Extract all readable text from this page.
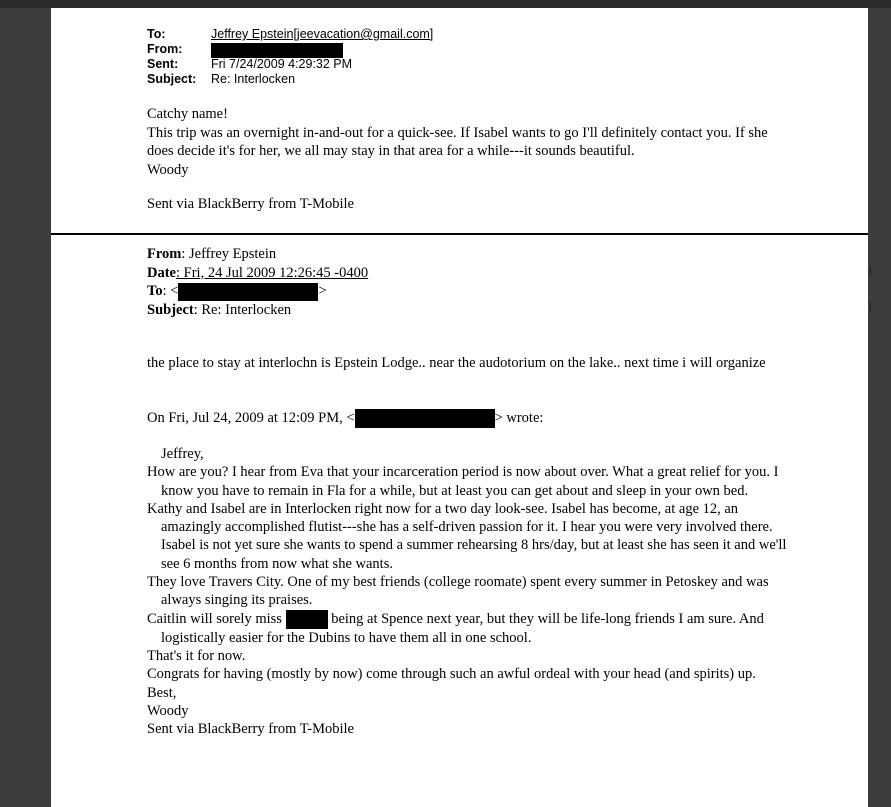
To:	Jeffrey Epstein[jeevacation@gmail.com]
From:
Sent:	Fri 7/24/2009 4:29:32 PM
Subject:	Re: Interlocken

Catchy name!

This trip was an overnight in-and-out for a quick-see. If Isabel wants to go I'll definitely contact you. If she does decide it's for her, we all may stay in that area for a while---it sounds beautiful.

Woody

Sent via BlackBerry from T-Mobile

|
|
From: Jeffrey Epstein
Date: Fri, 24 Jul 2009 12:26:45 -0400
To: <	>
Subject: Re: Interlocken
the place to stay at interlochn is Epstein Lodge.. near the audotorium on the lake.. next time i will organize
On Fri, Jul 24, 2009 at 12:09 PM, <	> wrote:

Jeffrey,

How are you? I hear from Eva that your incarceration period is now about over. What a great relief for you. I know you have to remain in Fla for a while, but at least you can get about and sleep in your own bed.

Kathy and Isabel are in Interlocken right now for a two day look-see. Isabel has become, at age 12, an amazingly accomplished flutist---she has a self-driven passion for it. I hear you were very involved there. Isabel is not yet sure she wants to spend a summer rehearsing 8 hrs/day, but at least she has seen it and we'll see 6 months from now what she wants.

They love Travers City. One of my best friends (college roomate) spent every summer in Petoskey and was always singing its praises.

Caitlin will sorely miss	being at Spence next year, but they will be life-long friends I am sure. And logistically easier for the Dubins to have them all in one school.

That's it for now.

Congrats for having (mostly by now) come through such an awful ordeal with your head (and spirits) up.

Best,

Woody

Sent via BlackBerry from T-Mobile
